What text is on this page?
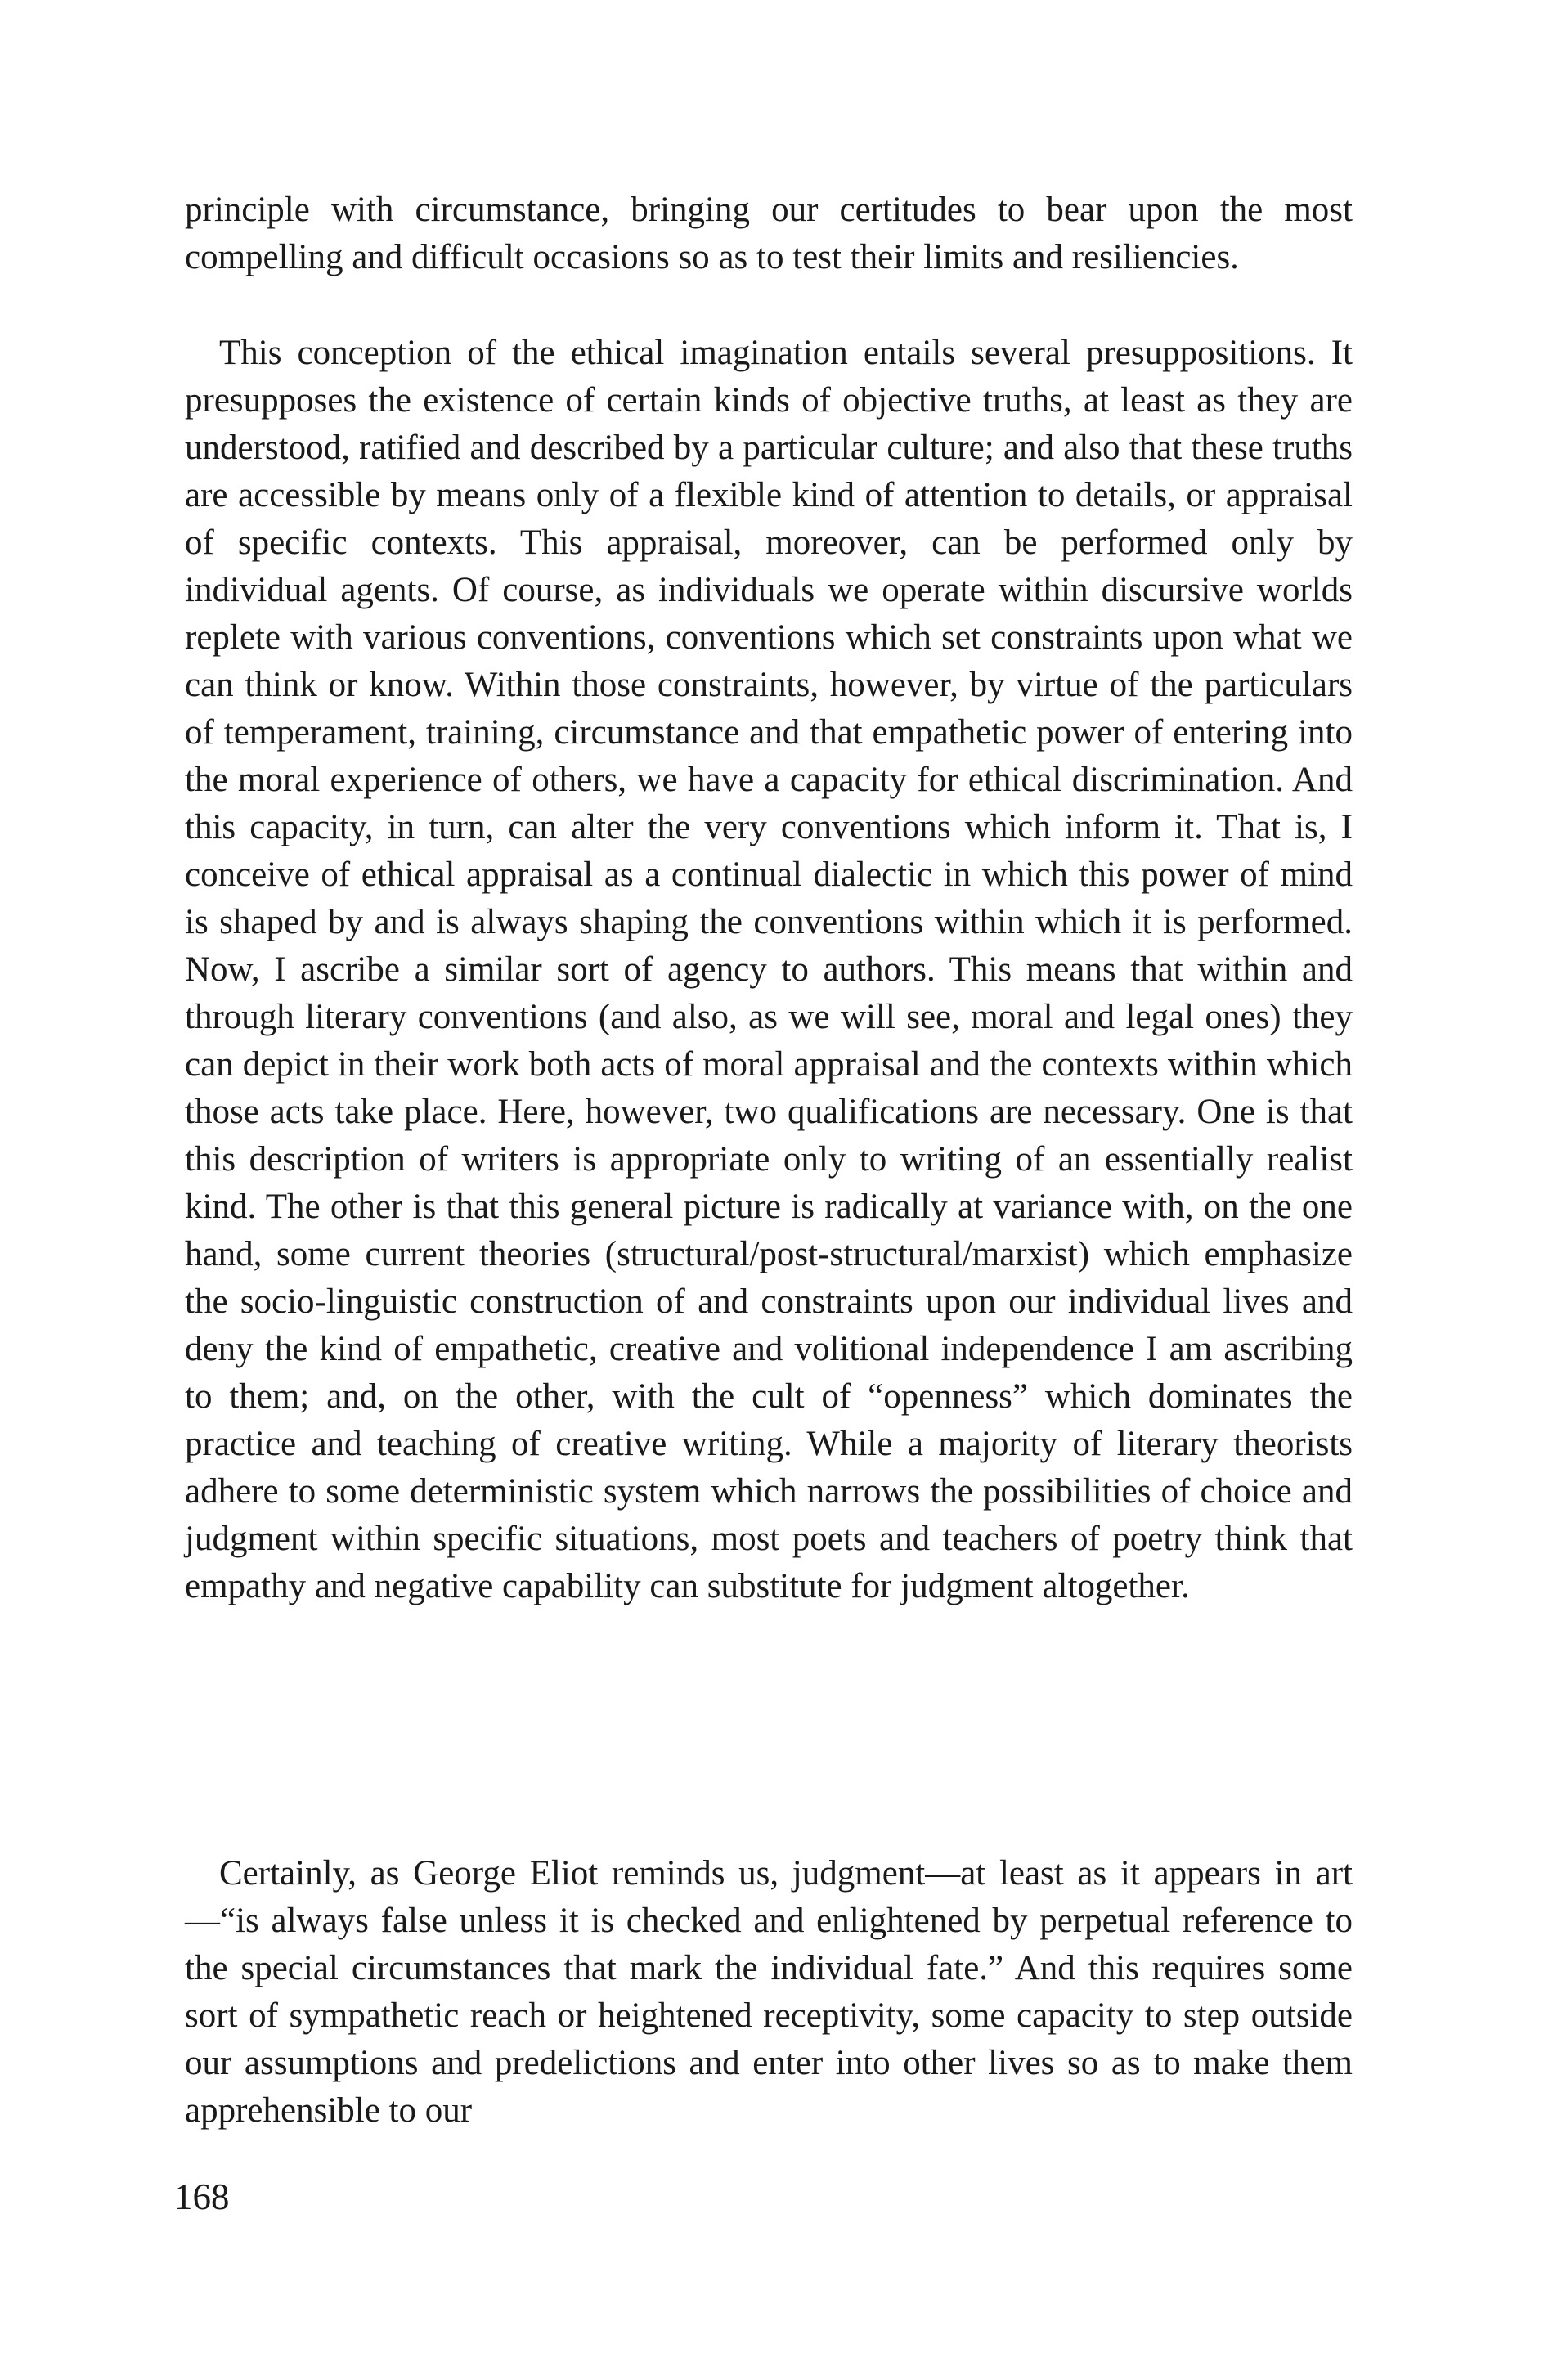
principle with circumstance, bringing our certitudes to bear upon the most compelling and difficult occasions so as to test their limits and resiliencies.

This conception of the ethical imagination entails several presuppositions. It presupposes the existence of certain kinds of objective truths, at least as they are understood, ratified and described by a particular culture; and also that these truths are accessible by means only of a flexible kind of attention to details, or appraisal of specific contexts. This appraisal, moreover, can be performed only by individual agents. Of course, as individuals we operate within discursive worlds replete with various conventions, conventions which set constraints upon what we can think or know. Within those constraints, however, by virtue of the particulars of temperament, training, circumstance and that empathetic power of entering into the moral experience of others, we have a capacity for ethical discrimination. And this capacity, in turn, can alter the very conventions which inform it. That is, I conceive of ethical appraisal as a continual dialectic in which this power of mind is shaped by and is always shaping the conventions within which it is performed. Now, I ascribe a similar sort of agency to authors. This means that within and through literary conventions (and also, as we will see, moral and legal ones) they can depict in their work both acts of moral appraisal and the contexts within which those acts take place. Here, however, two qualifications are necessary. One is that this description of writers is appropriate only to writing of an essentially realist kind. The other is that this general picture is radically at variance with, on the one hand, some current theories (structural/post-structural/marxist) which emphasize the socio-linguistic construction of and constraints upon our individual lives and deny the kind of empathetic, creative and volitional independence I am ascribing to them; and, on the other, with the cult of “openness” which dominates the practice and teaching of creative writing. While a majority of literary theorists adhere to some deterministic system which narrows the possibilities of choice and judgment within specific situations, most poets and teachers of poetry think that empathy and negative capability can substitute for judgment altogether.

Certainly, as George Eliot reminds us, judgment—at least as it appears in art—“is always false unless it is checked and enlightened by perpetual reference to the special circumstances that mark the individual fate.” And this requires some sort of sympathetic reach or heightened receptivity, some capacity to step outside our assumptions and predelictions and enter into other lives so as to make them apprehensible to our

168
